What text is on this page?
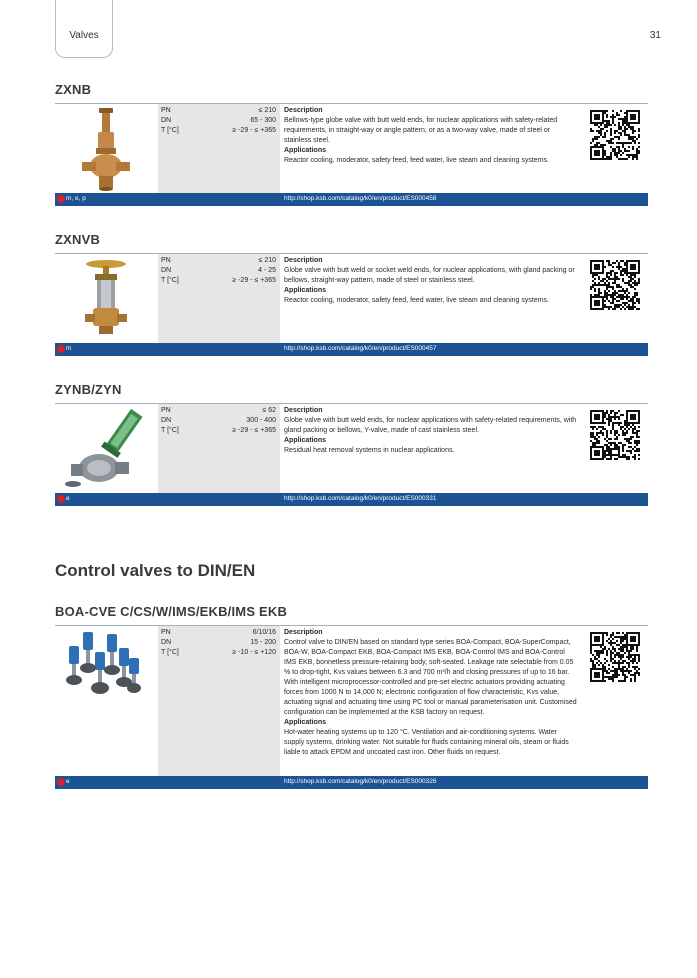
Valves	31
ZXNB
PN	≤ 210
DN	65 - 300
T [°C]	≥ -29 - ≤ +365
Description
Bellows-type globe valve with butt weld ends, for nuclear applications with safety-related requirements, in straight-way or angle pattern, or as a two-way valve, made of steel or stainless steel.
Applications
Reactor cooling, moderator, safety feed, feed water, live steam and cleaning systems.
m, e, p	http://shop.ksb.com/catalog/k0/en/product/ES000458
ZXNVB
PN	≤ 210
DN	4 - 25
T [°C]	≥ -29 - ≤ +365
Description
Globe valve with butt weld or socket weld ends, for nuclear applications, with gland packing or bellows, straight-way pattern, made of steel or stainless steel.
Applications
Reactor cooling, moderator, safety feed, feed water, live steam and cleaning systems.
m	http://shop.ksb.com/catalog/k0/en/product/ES000457
ZYNB/ZYN
PN	≤ 62
DN	300 - 400
T [°C]	≥ -29 - ≤ +365
Description
Globe valve with butt weld ends, for nuclear applications with safety-related requirements, with gland packing or bellows, Y-valve, made of cast stainless steel.
Applications
Residual heat removal systems in nuclear applications.
e	http://shop.ksb.com/catalog/k0/en/product/ES000331
Control valves to DIN/EN
BOA-CVE C/CS/W/IMS/EKB/IMS EKB
PN	6/10/16
DN	15 - 200
T [°C]	≥ -10 - ≤ +120
Description
Control valve to DIN/EN based on standard type series BOA-Compact, BOA-SuperCompact, BOA-W, BOA-Compact EKB, BOA-Compact IMS EKB, BOA-Control IMS and BOA-Control IMS EKB, bonnetless pressure-retaining body, soft-seated. Leakage rate selectable from 0.05 % to drop-tight, Kvs values between 6.3 and 700 m³/h and closing pressures of up to 16 bar. With intelligent microprocessor-controlled and pre-set electric actuators providing actuating forces from 1000 N to 14,000 N; electronic configuration of flow characteristic, Kvs value, actuating signal and actuating time using PC tool or manual parameterisation unit. Customised configuration can be implemented at the KSB factory on request.
Applications
Hot-water heating systems up to 120 °C. Ventilation and air-conditioning systems. Water supply systems, drinking water. Not suitable for fluids containing mineral oils, steam or fluids liable to attack EPDM and uncoated cast iron. Other fluids on request.
e	http://shop.ksb.com/catalog/k0/en/product/ES000326
